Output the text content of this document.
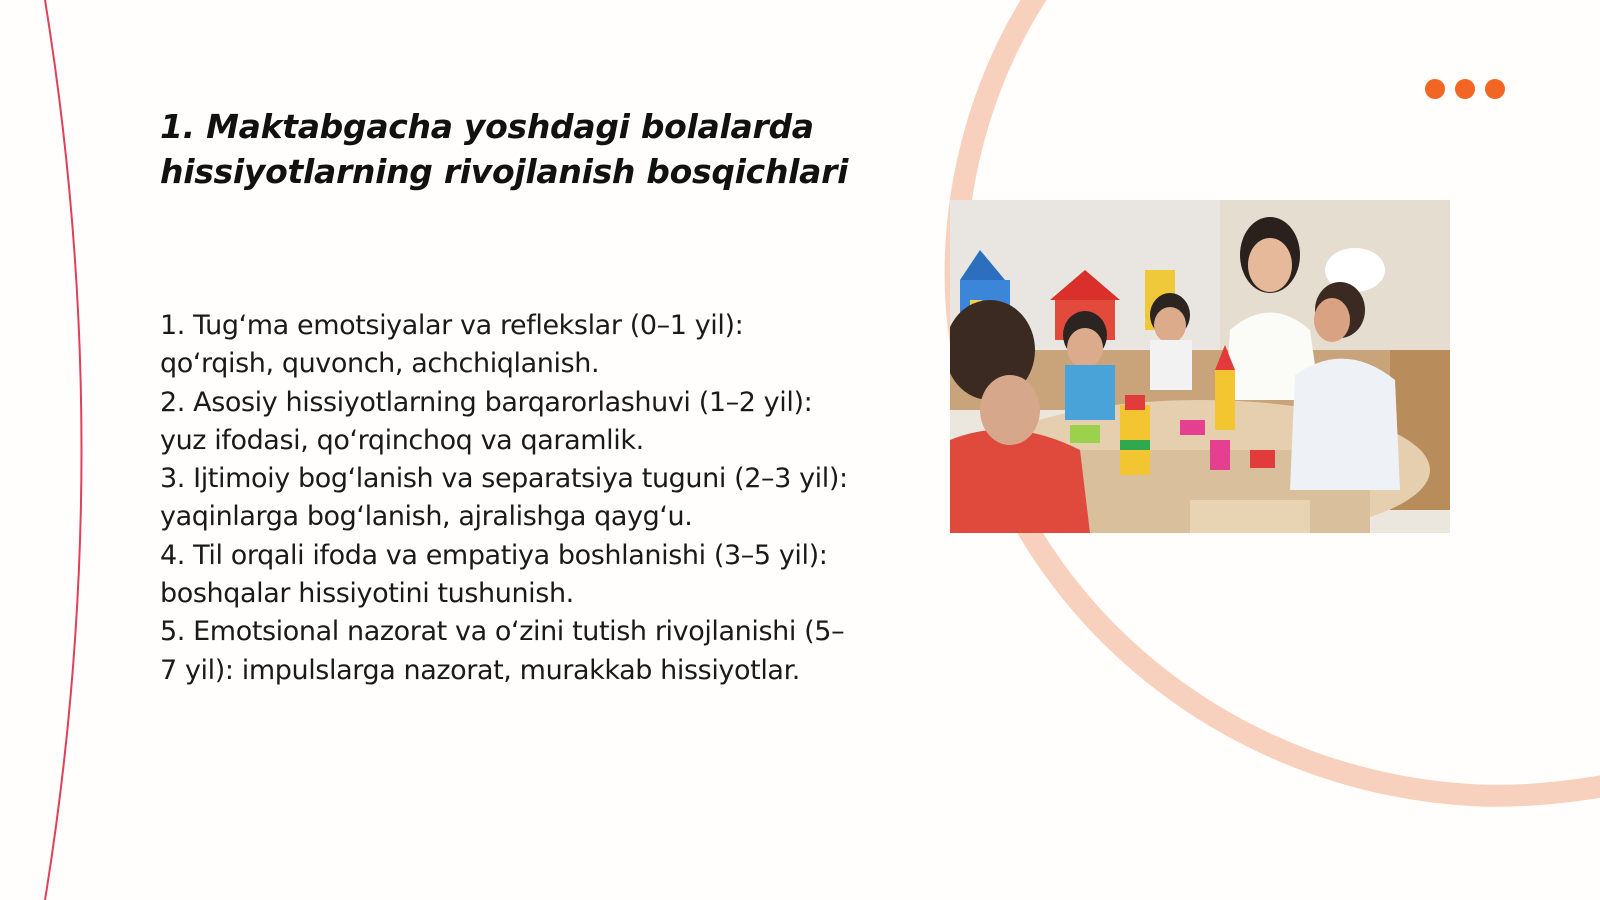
1. Maktabgacha yoshdagi bolalarda hissiyotlarning rivojlanish bosqichlari
1. Tug‘ma emotsiyalar va reflekslar (0–1 yil): qo‘rqish, quvonch, achchiqlanish.
2. Asosiy hissiyotlarning barqarorlashuvi (1–2 yil): yuz ifodasi, qo‘rqinchoq va qaramlik.
3. Ijtimoiy bog‘lanish va separatsiya tuguni (2–3 yil): yaqinlarga bog‘lanish, ajralishga qayg‘u.
4. Til orqali ifoda va empatiya boshlanishi (3–5 yil): boshqalar hissiyotini tushunish.
5. Emotsional nazorat va o‘zini tutish rivojlanishi (5–7 yil): impulslarga nazorat, murakkab hissiyotlar.
